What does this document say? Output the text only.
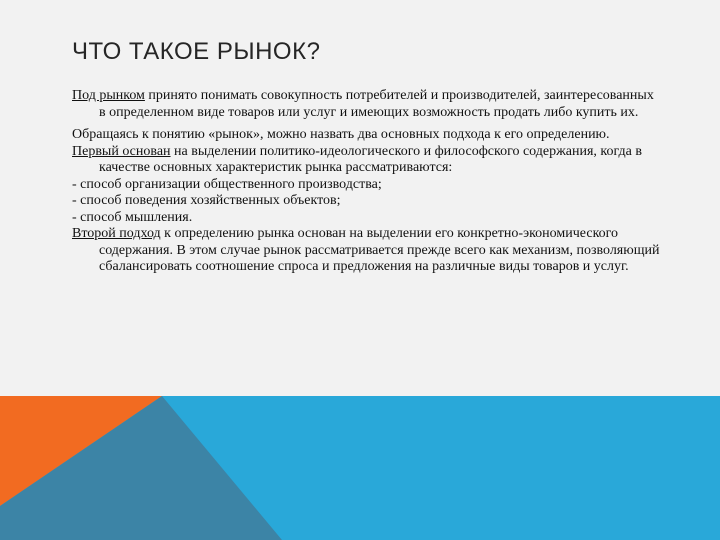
ЧТО ТАКОЕ РЫНОК?

Под рынком принято понимать совокупность потребителей и производителей, заинтересованных в определенном виде товаров или услуг и имеющих возможность продать либо купить их.

Обращаясь к понятию «рынок», можно назвать два основных подхода к его определению.
Первый основан на выделении политико-идеологического и философского содержания, когда в качестве основных характеристик рынка рассматриваются:
- способ организации общественного производства;
- способ поведения хозяйственных объектов;
- способ мышления.
Второй подход к определению рынка основан на выделении его конкретно-экономического содержания. В этом случае рынок рассматривается прежде всего как механизм, позволяющий сбалансировать соотношение спроса и предложения на различные виды товаров и услуг.
